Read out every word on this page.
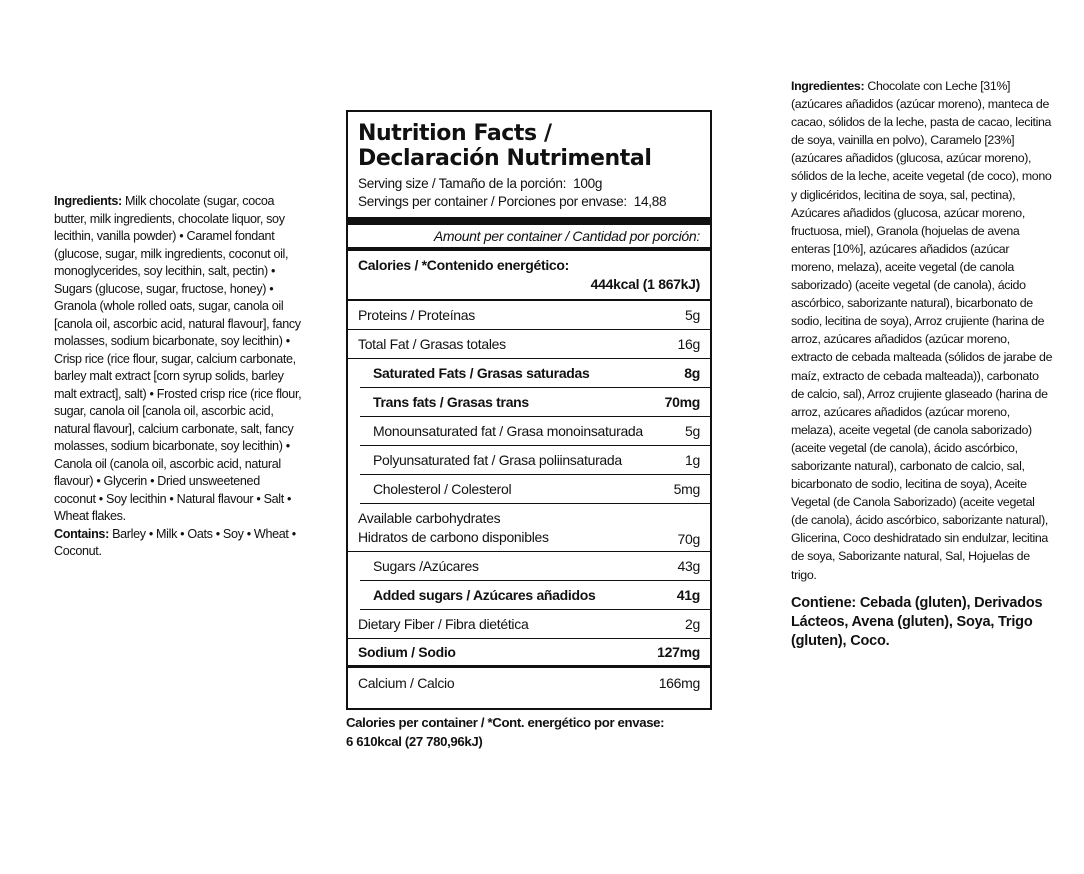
Ingredients: Milk chocolate (sugar, cocoa butter, milk ingredients, chocolate liquor, soy lecithin, vanilla powder) • Caramel fondant (glucose, sugar, milk ingredients, coconut oil, monoglycerides, soy lecithin, salt, pectin) • Sugars (glucose, sugar, fructose, honey) • Granola (whole rolled oats, sugar, canola oil [canola oil, ascorbic acid, natural flavour], fancy molasses, sodium bicarbonate, soy lecithin) • Crisp rice (rice flour, sugar, calcium carbonate, barley malt extract [corn syrup solids, barley malt extract], salt) • Frosted crisp rice (rice flour, sugar, canola oil [canola oil, ascorbic acid, natural flavour], calcium carbonate, salt, fancy molasses, sodium bicarbonate, soy lecithin) • Canola oil (canola oil, ascorbic acid, natural flavour) • Glycerin • Dried unsweetened coconut • Soy lecithin • Natural flavour • Salt • Wheat flakes.

Contains: Barley • Milk • Oats • Soy • Wheat • Coconut.

Nutrition Facts /
Declaración Nutrimental

Serving size / Tamaño de la porción: 100g
Servings per container / Porciones por envase: 14,88
Amount per container / Cantidad por porción:
Calories / *Contenido energético:
444kcal (1 867kJ)
Proteins / Proteínas	5g
Total Fat / Grasas totales	16g
Saturated Fats / Grasas saturadas	8g
Trans fats / Grasas trans	70mg
Monounsaturated fat / Grasa monoinsaturada	5g
Polyunsaturated fat / Grasa poliinsaturada	1g
Cholesterol / Colesterol	5mg
Available carbohydrates
Hidratos de carbono disponibles	70g
Sugars /Azúcares	43g
Added sugars / Azúcares añadidos	41g
Dietary Fiber / Fibra dietética	2g
Sodium / Sodio	127mg
Calcium / Calcio	166mg

Calories per container / *Cont. energético por envase:

6 610kcal (27 780,96kJ)

Ingredientes: Chocolate con Leche [31%] (azúcares añadidos (azúcar moreno), manteca de cacao, sólidos de la leche, pasta de cacao, lecitina de soya, vainilla en polvo), Caramelo [23%] (azúcares añadidos (glucosa, azúcar moreno), sólidos de la leche, aceite vegetal (de coco), mono y diglicéridos, lecitina de soya, sal, pectina), Azúcares añadidos (glucosa, azúcar moreno, fructuosa, miel), Granola (hojuelas de avena enteras [10%], azúcares añadidos (azúcar moreno, melaza), aceite vegetal (de canola saborizado) (aceite vegetal (de canola), ácido ascórbico, saborizante natural), bicarbonato de sodio, lecitina de soya), Arroz crujiente (harina de arroz, azúcares añadidos (azúcar moreno, extracto de cebada malteada (sólidos de jarabe de maíz, extracto de cebada malteada)), carbonato de calcio, sal), Arroz crujiente glaseado (harina de arroz, azúcares añadidos (azúcar moreno, melaza), aceite vegetal (de canola saborizado) (aceite vegetal (de canola), ácido ascórbico, saborizante natural), carbonato de calcio, sal, bicarbonato de sodio, lecitina de soya), Aceite Vegetal (de Canola Saborizado) (aceite vegetal (de canola), ácido ascórbico, saborizante natural), Glicerina, Coco deshidratado sin endulzar, lecitina de soya, Saborizante natural, Sal, Hojuelas de trigo.

Contiene: Cebada (gluten), Derivados Lácteos, Avena (gluten), Soya, Trigo (gluten), Coco.
